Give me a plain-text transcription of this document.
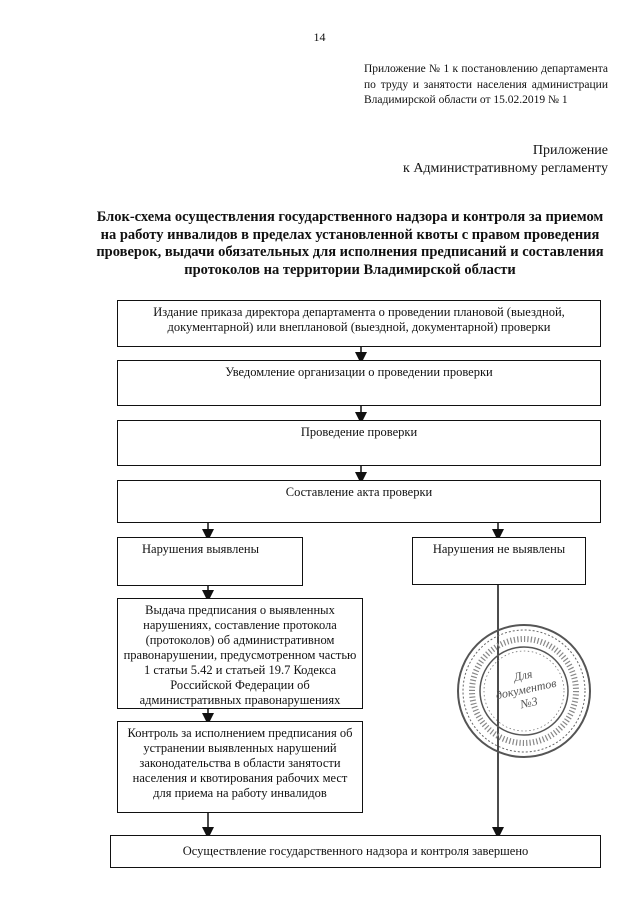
14
Приложение № 1 к постановлению департамента по труду и занятости населения администрации Владимирской области от 15.02.2019 № 1
Приложение
к Административному регламенту
Блок-схема осуществления государственного надзора и контроля за приемом на работу инвалидов в пределах установленной квоты с правом проведения проверок, выдачи обязательных для исполнения предписаний и составления протоколов на территории Владимирской области
Издание приказа директора департамента о проведении плановой (выездной, документарной) или внеплановой (выездной, документарной) проверки
Уведомление организации о проведении проверки
Проведение проверки
Составление акта проверки
Нарушения выявлены	Нарушения не выявлены
Выдача предписания о выявленных нарушениях, составление протокола (протоколов) об административном правонарушении, предусмотренном частью 1 статьи 5.42 и статьей 19.7 Кодекса Российской Федерации об административных правонарушениях
Контроль за исполнением предписания об устранении выявленных нарушений законодательства в области занятости населения и квотирования рабочих мест для приема на работу инвалидов
Осуществление государственного надзора и контроля завершено
Для документов №3
